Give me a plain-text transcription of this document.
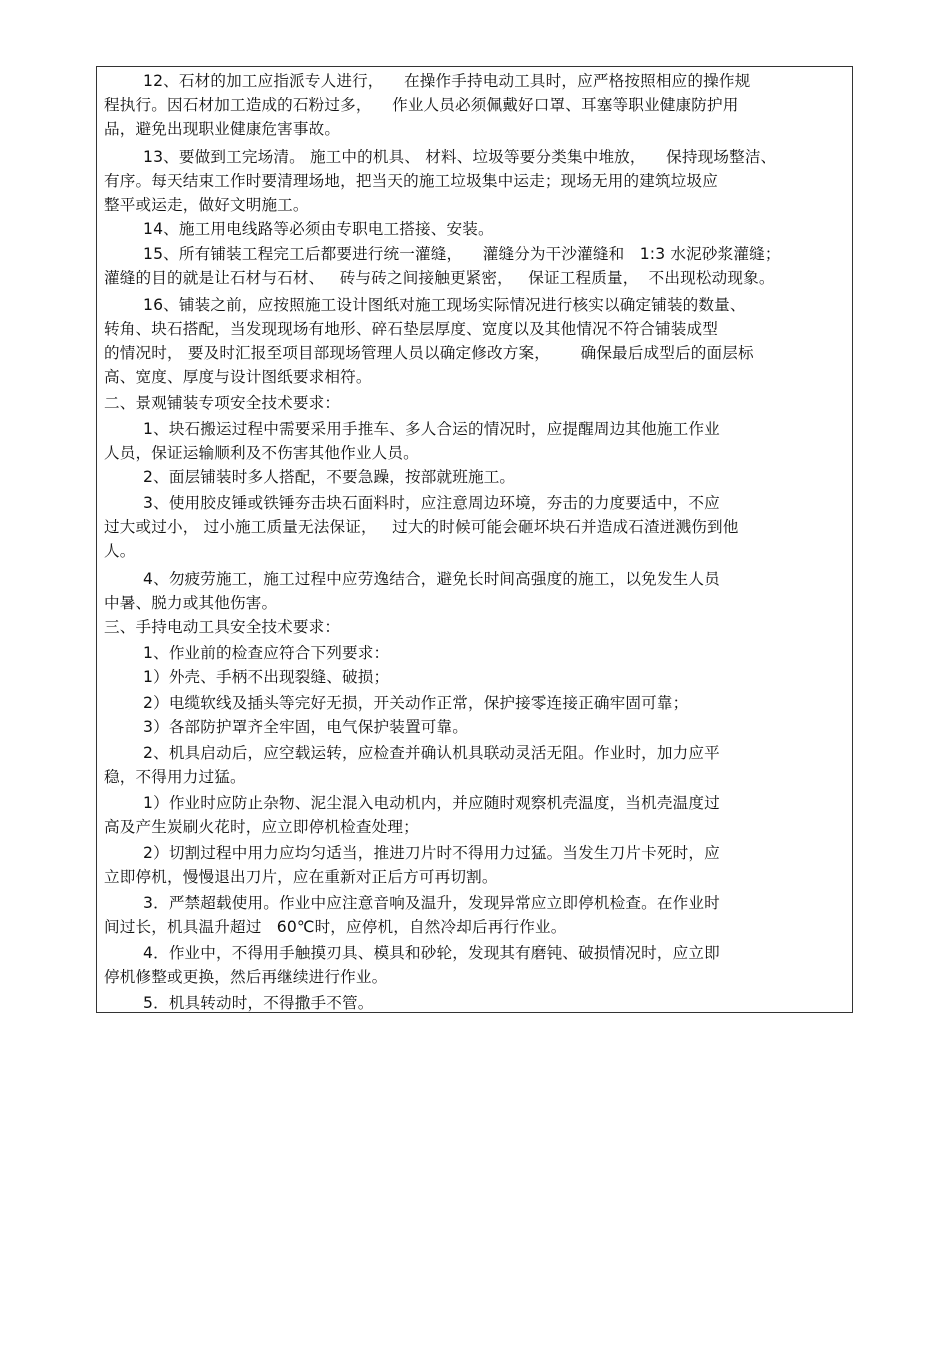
12、石材的加工应指派专人进行，    在操作手持电动工具时，应严格按照相应的操作规
程执行。因石材加工造成的石粉过多，    作业人员必须佩戴好口罩、耳塞等职业健康防护用
品，避免出现职业健康危害事故。
13、要做到工完场清。 施工中的机具、 材料、垃圾等要分类集中堆放，    保持现场整洁、
有序。每天结束工作时要清理场地，把当天的施工垃圾集中运走；现场无用的建筑垃圾应
整平或运走，做好文明施工。
14、施工用电线路等必须由专职电工搭接、安装。
15、所有铺装工程完工后都要进行统一灌缝，    灌缝分为干沙灌缝和   1:3 水泥砂浆灌缝；
灌缝的目的就是让石材与石材、   砖与砖之间接触更紧密，   保证工程质量，  不出现松动现象。
16、铺装之前，应按照施工设计图纸对施工现场实际情况进行核实以确定铺装的数量、
转角、块石搭配，当发现现场有地形、碎石垫层厚度、宽度以及其他情况不符合铺装成型
的情况时， 要及时汇报至项目部现场管理人员以确定修改方案，      确保最后成型后的面层标
高、宽度、厚度与设计图纸要求相符。
二、景观铺装专项安全技术要求：
1、块石搬运过程中需要采用手推车、多人合运的情况时，应提醒周边其他施工作业
人员，保证运输顺利及不伤害其他作业人员。
2、面层铺装时多人搭配，不要急躁，按部就班施工。
3、使用胶皮锤或铁锤夯击块石面料时，应注意周边环境，夯击的力度要适中，不应
过大或过小， 过小施工质量无法保证，   过大的时候可能会砸坏块石并造成石渣迸溅伤到他
人。
4、勿疲劳施工，施工过程中应劳逸结合，避免长时间高强度的施工，以免发生人员
中暑、脱力或其他伤害。
三、手持电动工具安全技术要求：
1、作业前的检查应符合下列要求：
1）外壳、手柄不出现裂缝、破损；
2）电缆软线及插头等完好无损，开关动作正常，保护接零连接正确牢固可靠；
3）各部防护罩齐全牢固，电气保护装置可靠。
2、机具启动后，应空载运转，应检查并确认机具联动灵活无阻。作业时，加力应平
稳，不得用力过猛。
1）作业时应防止杂物、泥尘混入电动机内，并应随时观察机壳温度，当机壳温度过
高及产生炭刷火花时，应立即停机检查处理；
2）切割过程中用力应均匀适当，推进刀片时不得用力过猛。当发生刀片卡死时，应
立即停机，慢慢退出刀片，应在重新对正后方可再切割。
3．严禁超载使用。作业中应注意音响及温升，发现异常应立即停机检查。在作业时
间过长，机具温升超过   60℃时，应停机，自然冷却后再行作业。
4．作业中，不得用手触摸刃具、模具和砂轮，发现其有磨钝、破损情况时，应立即
停机修整或更换，然后再继续进行作业。
5．机具转动时，不得撒手不管。
